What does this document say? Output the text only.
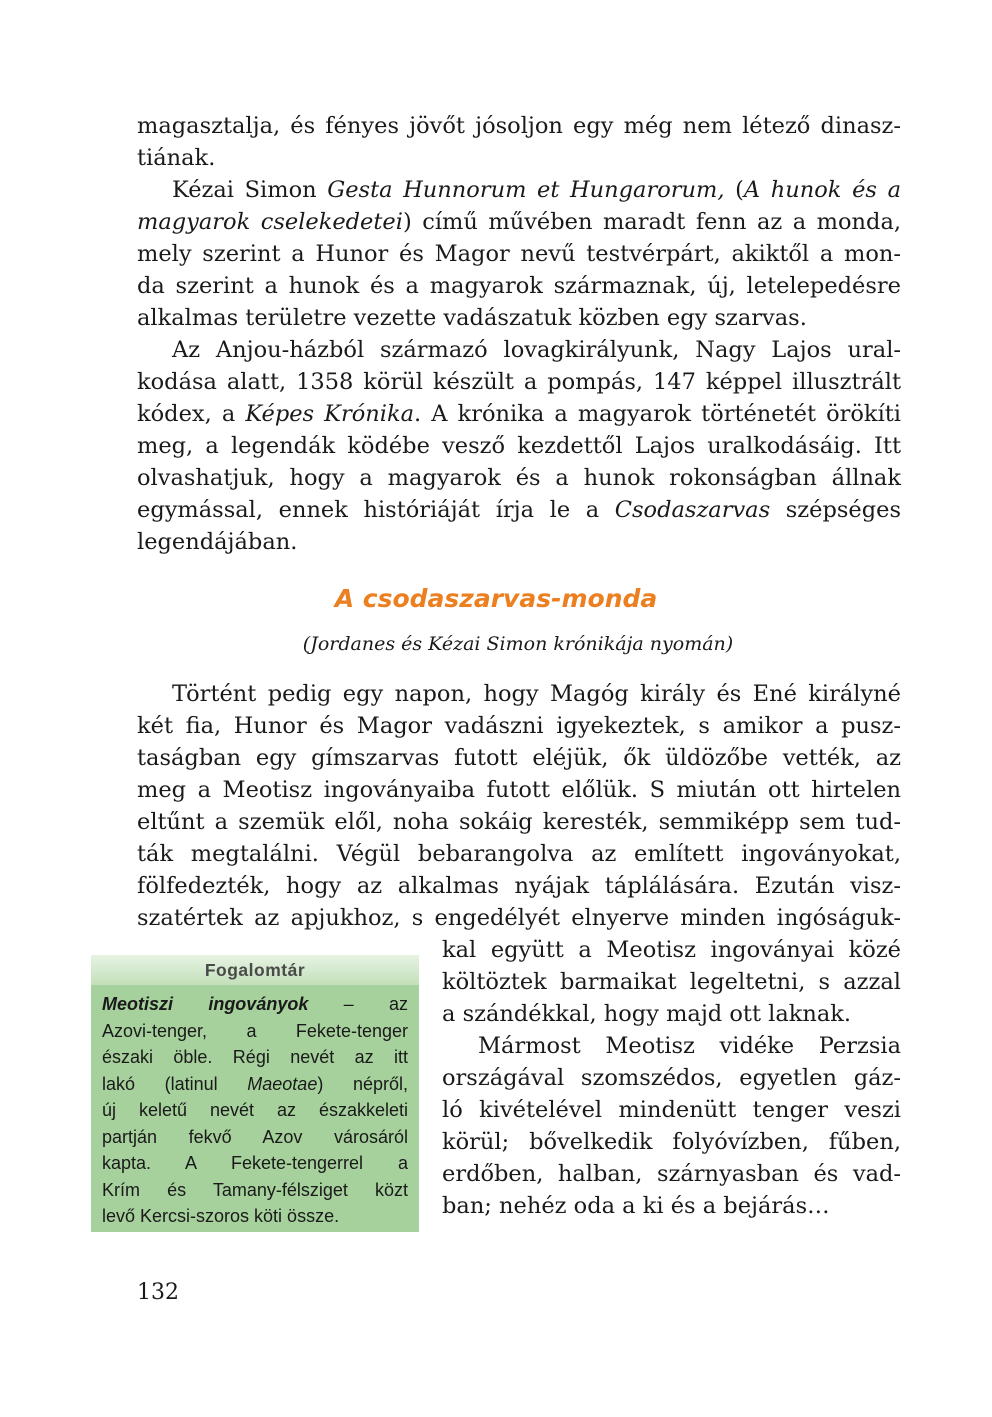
magasztalja, és fényes jövőt jósoljon egy még nem létező dinasz-
tiának.
Kézai Simon Gesta Hunnorum et Hungarorum, (A hunok és a
magyarok cselekedetei) című művében maradt fenn az a monda,
mely szerint a Hunor és Magor nevű testvérpárt, akiktől a mon-
da szerint a hunok és a magyarok származnak, új, letelepedésre
alkalmas területre vezette vadászatuk közben egy szarvas.
Az Anjou-házból származó lovagkirályunk, Nagy Lajos ural-
kodása alatt, 1358 körül készült a pompás, 147 képpel illusztrált
kódex, a Képes Krónika. A krónika a magyarok történetét örökíti
meg, a legendák ködébe vesző kezdettől Lajos uralkodásáig. Itt
olvashatjuk, hogy a magyarok és a hunok rokonságban állnak
egymással, ennek históriáját írja le a Csodaszarvas szépséges
legendájában.
A csodaszarvas-monda
(Jordanes és Kézai Simon krónikája nyomán)
Történt pedig egy napon, hogy Magóg király és Ené királyné
két fia, Hunor és Magor vadászni igyekeztek, s amikor a pusz-
taságban egy gímszarvas futott eléjük, ők üldözőbe vették, az
meg a Meotisz ingoványaiba futott előlük. S miután ott hirtelen
eltűnt a szemük elől, noha sokáig keresték, semmiképp sem tud-
ták megtalálni. Végül bebarangolva az említett ingoványokat,
fölfedezték, hogy az alkalmas nyájak táplálására. Ezután visz-
szatértek az apjukhoz, s engedélyét elnyerve minden ingóságuk-
kal együtt a Meotisz ingoványai közé
költöztek barmaikat legeltetni, s azzal
a szándékkal, hogy majd ott laknak.
Mármost Meotisz vidéke Perzsia
országával szomszédos, egyetlen gáz-
ló kivételével mindenütt tenger veszi
körül; bővelkedik folyóvízben, fűben,
erdőben, halban, szárnyasban és vad-
ban; nehéz oda a ki és a bejárás…
Fogalomtár
Meotiszi ingoványok – az
Azovi-tenger, a Fekete-tenger
északi öble. Régi nevét az itt
lakó (latinul Maeotae) népről,
új keletű nevét az északkeleti
partján fekvő Azov városáról
kapta. A Fekete-tengerrel a
Krím és Tamany-félsziget közt
levő Kercsi-szoros köti össze.
132
